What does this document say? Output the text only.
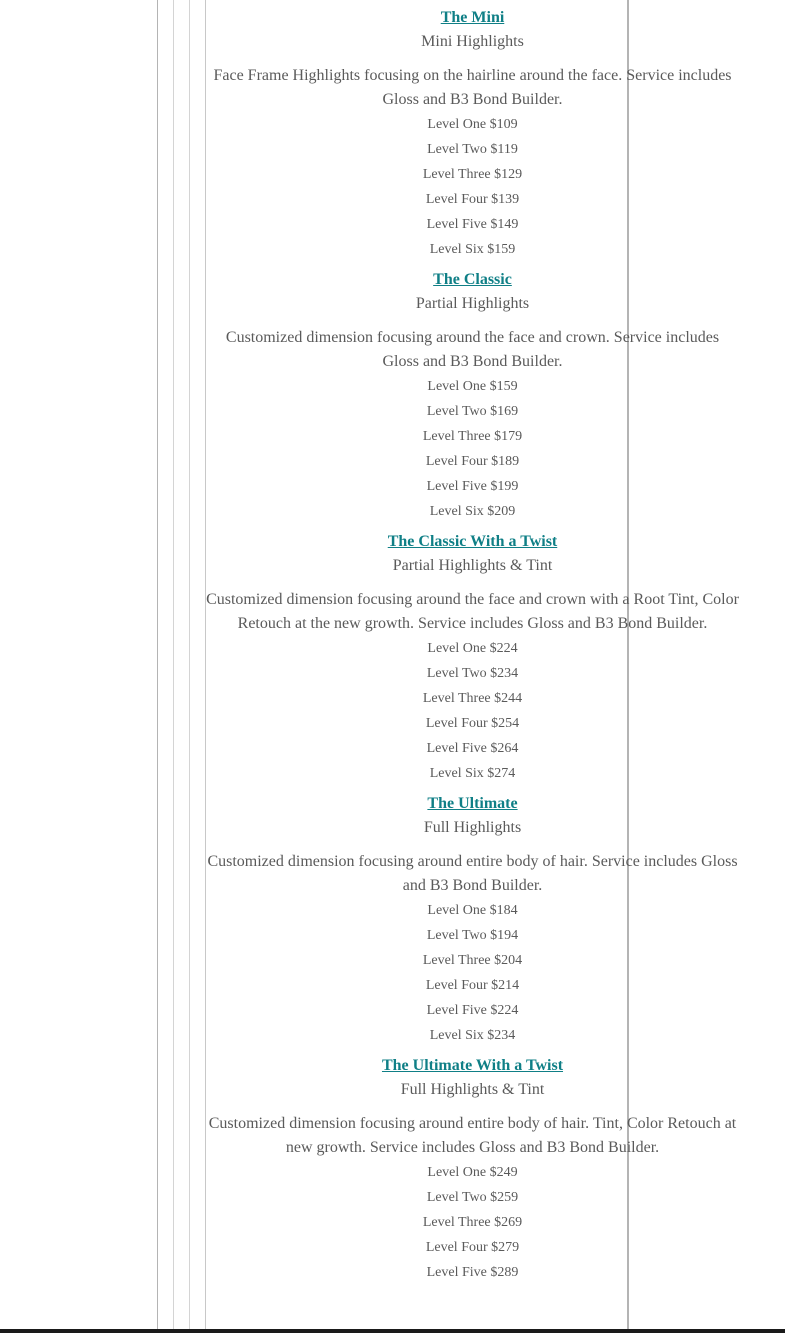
The Mini
Mini Highlights
Face Frame Highlights focusing on the hairline around the face. Service includes Gloss and B3 Bond Builder.
Level One $109
Level Two $119
Level Three $129
Level Four $139
Level Five $149
Level Six $159
The Classic
Partial Highlights
Customized dimension focusing around the face and crown. Service includes Gloss and B3 Bond Builder.
Level One $159
Level Two $169
Level Three $179
Level Four $189
Level Five $199
Level Six $209
The Classic With a Twist
Partial Highlights & Tint
Customized dimension focusing around the face and crown with a Root Tint, Color Retouch at the new growth. Service includes Gloss and B3 Bond Builder.
Level One $224
Level Two $234
Level Three $244
Level Four $254
Level Five $264
Level Six $274
The Ultimate
Full Highlights
Customized dimension focusing around entire body of hair. Service includes Gloss and B3 Bond Builder.
Level One $184
Level Two $194
Level Three $204
Level Four $214
Level Five $224
Level Six $234
The Ultimate With a Twist
Full Highlights & Tint
Customized dimension focusing around entire body of hair. Tint, Color Retouch at new growth. Service includes Gloss and B3 Bond Builder.
Level One $249
Level Two $259
Level Three $269
Level Four $279
Level Five $289
